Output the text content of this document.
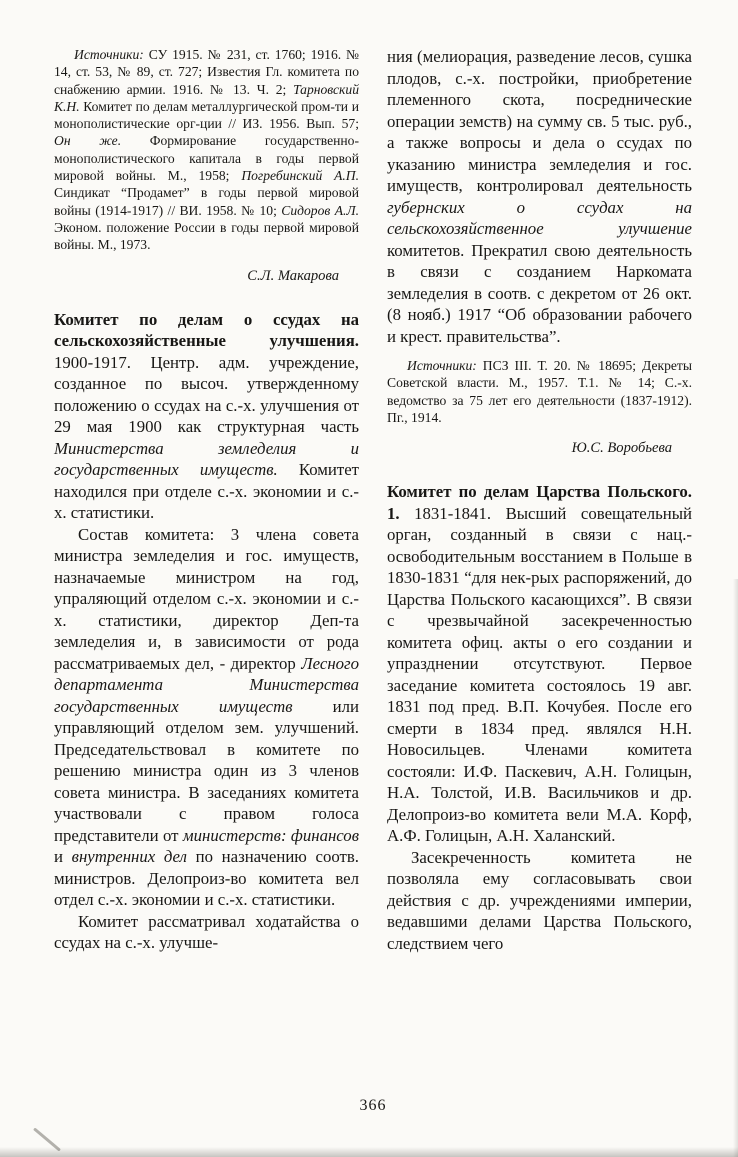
Источники: СУ 1915. № 231, ст. 1760; 1916. № 14, ст. 53, № 89, ст. 727; Известия Гл. комитета по снабжению армии. 1916. № 13. Ч. 2; Тарновский К.Н. Комитет по делам металлургической пром-ти и монополистические орг-ции // ИЗ. 1956. Вып. 57; Он же. Формирование государственно-монополистического капитала в годы первой мировой войны. М., 1958; Погребинский А.П. Синдикат “Продамет” в годы первой мировой войны (1914-1917) // ВИ. 1958. № 10; Сидоров А.Л. Эконом. положение России в годы первой мировой войны. М., 1973.

С.Л. Макарова

Комитет по делам о ссудах на сельскохозяйственные улучшения. 1900-1917. Центр. адм. учреждение, созданное по высоч. утвержденному положению о ссудах на с.-х. улучшения от 29 мая 1900 как структурная часть Министерства земледелия и государственных имуществ. Комитет находился при отделе с.-х. экономии и с.-х. статистики.

Состав комитета: 3 члена совета министра земледелия и гос. имуществ, назначаемые министром на год, упраляющий отделом с.-х. экономии и с.-х. статистики, директор Деп-та земледелия и, в зависимости от рода рассматриваемых дел, - директор Лесного департамента Министерства государственных имуществ или управляющий отделом зем. улучшений. Председательствовал в комитете по решению министра один из 3 членов совета министра. В заседаниях комитета участвовали с правом голоса представители от министерств: финансов и внутренних дел по назначению соотв. министров. Делопроиз-во комитета вел отдел с.-х. экономии и с.-х. статистики.

Комитет рассматривал ходатайства о ссудах на с.-х. улучше-

ния (мелиорация, разведение лесов, сушка плодов, с.-х. постройки, приобретение племенного скота, посреднические операции земств) на сумму св. 5 тыс. руб., а также вопросы и дела о ссудах по указанию министра земледелия и гос. имуществ, контролировал деятельность губернских о ссудах на сельскохозяйственное улучшение комитетов. Прекратил свою деятельность в связи с созданием Наркомата земледелия в соотв. с декретом от 26 окт. (8 нояб.) 1917 “Об образовании рабочего и крест. правительства”.

Источники: ПСЗ III. Т. 20. № 18695; Декреты Советской власти. М., 1957. Т.1. № 14; С.-х. ведомство за 75 лет его деятельности (1837-1912). Пг., 1914.

Ю.С. Воробьева

Комитет по делам Царства Польского. 1. 1831-1841. Высший совещательный орган, созданный в связи с нац.-освободительным восстанием в Польше в 1830-1831 “для нек-рых распоряжений, до Царства Польского касающихся”. В связи с чрезвычайной засекреченностью комитета офиц. акты о его создании и упразднении отсутствуют. Первое заседание комитета состоялось 19 авг. 1831 под пред. В.П. Кочубея. После его смерти в 1834 пред. являлся Н.Н. Новосильцев. Членами комитета состояли: И.Ф. Паскевич, А.Н. Голицын, Н.А. Толстой, И.В. Васильчиков и др. Делопроиз-во комитета вели М.А. Корф, А.Ф. Голицын, А.Н. Халанский.

Засекреченность комитета не позволяла ему согласовывать свои действия с др. учреждениями империи, ведавшими делами Царства Польского, следствием чего

366
